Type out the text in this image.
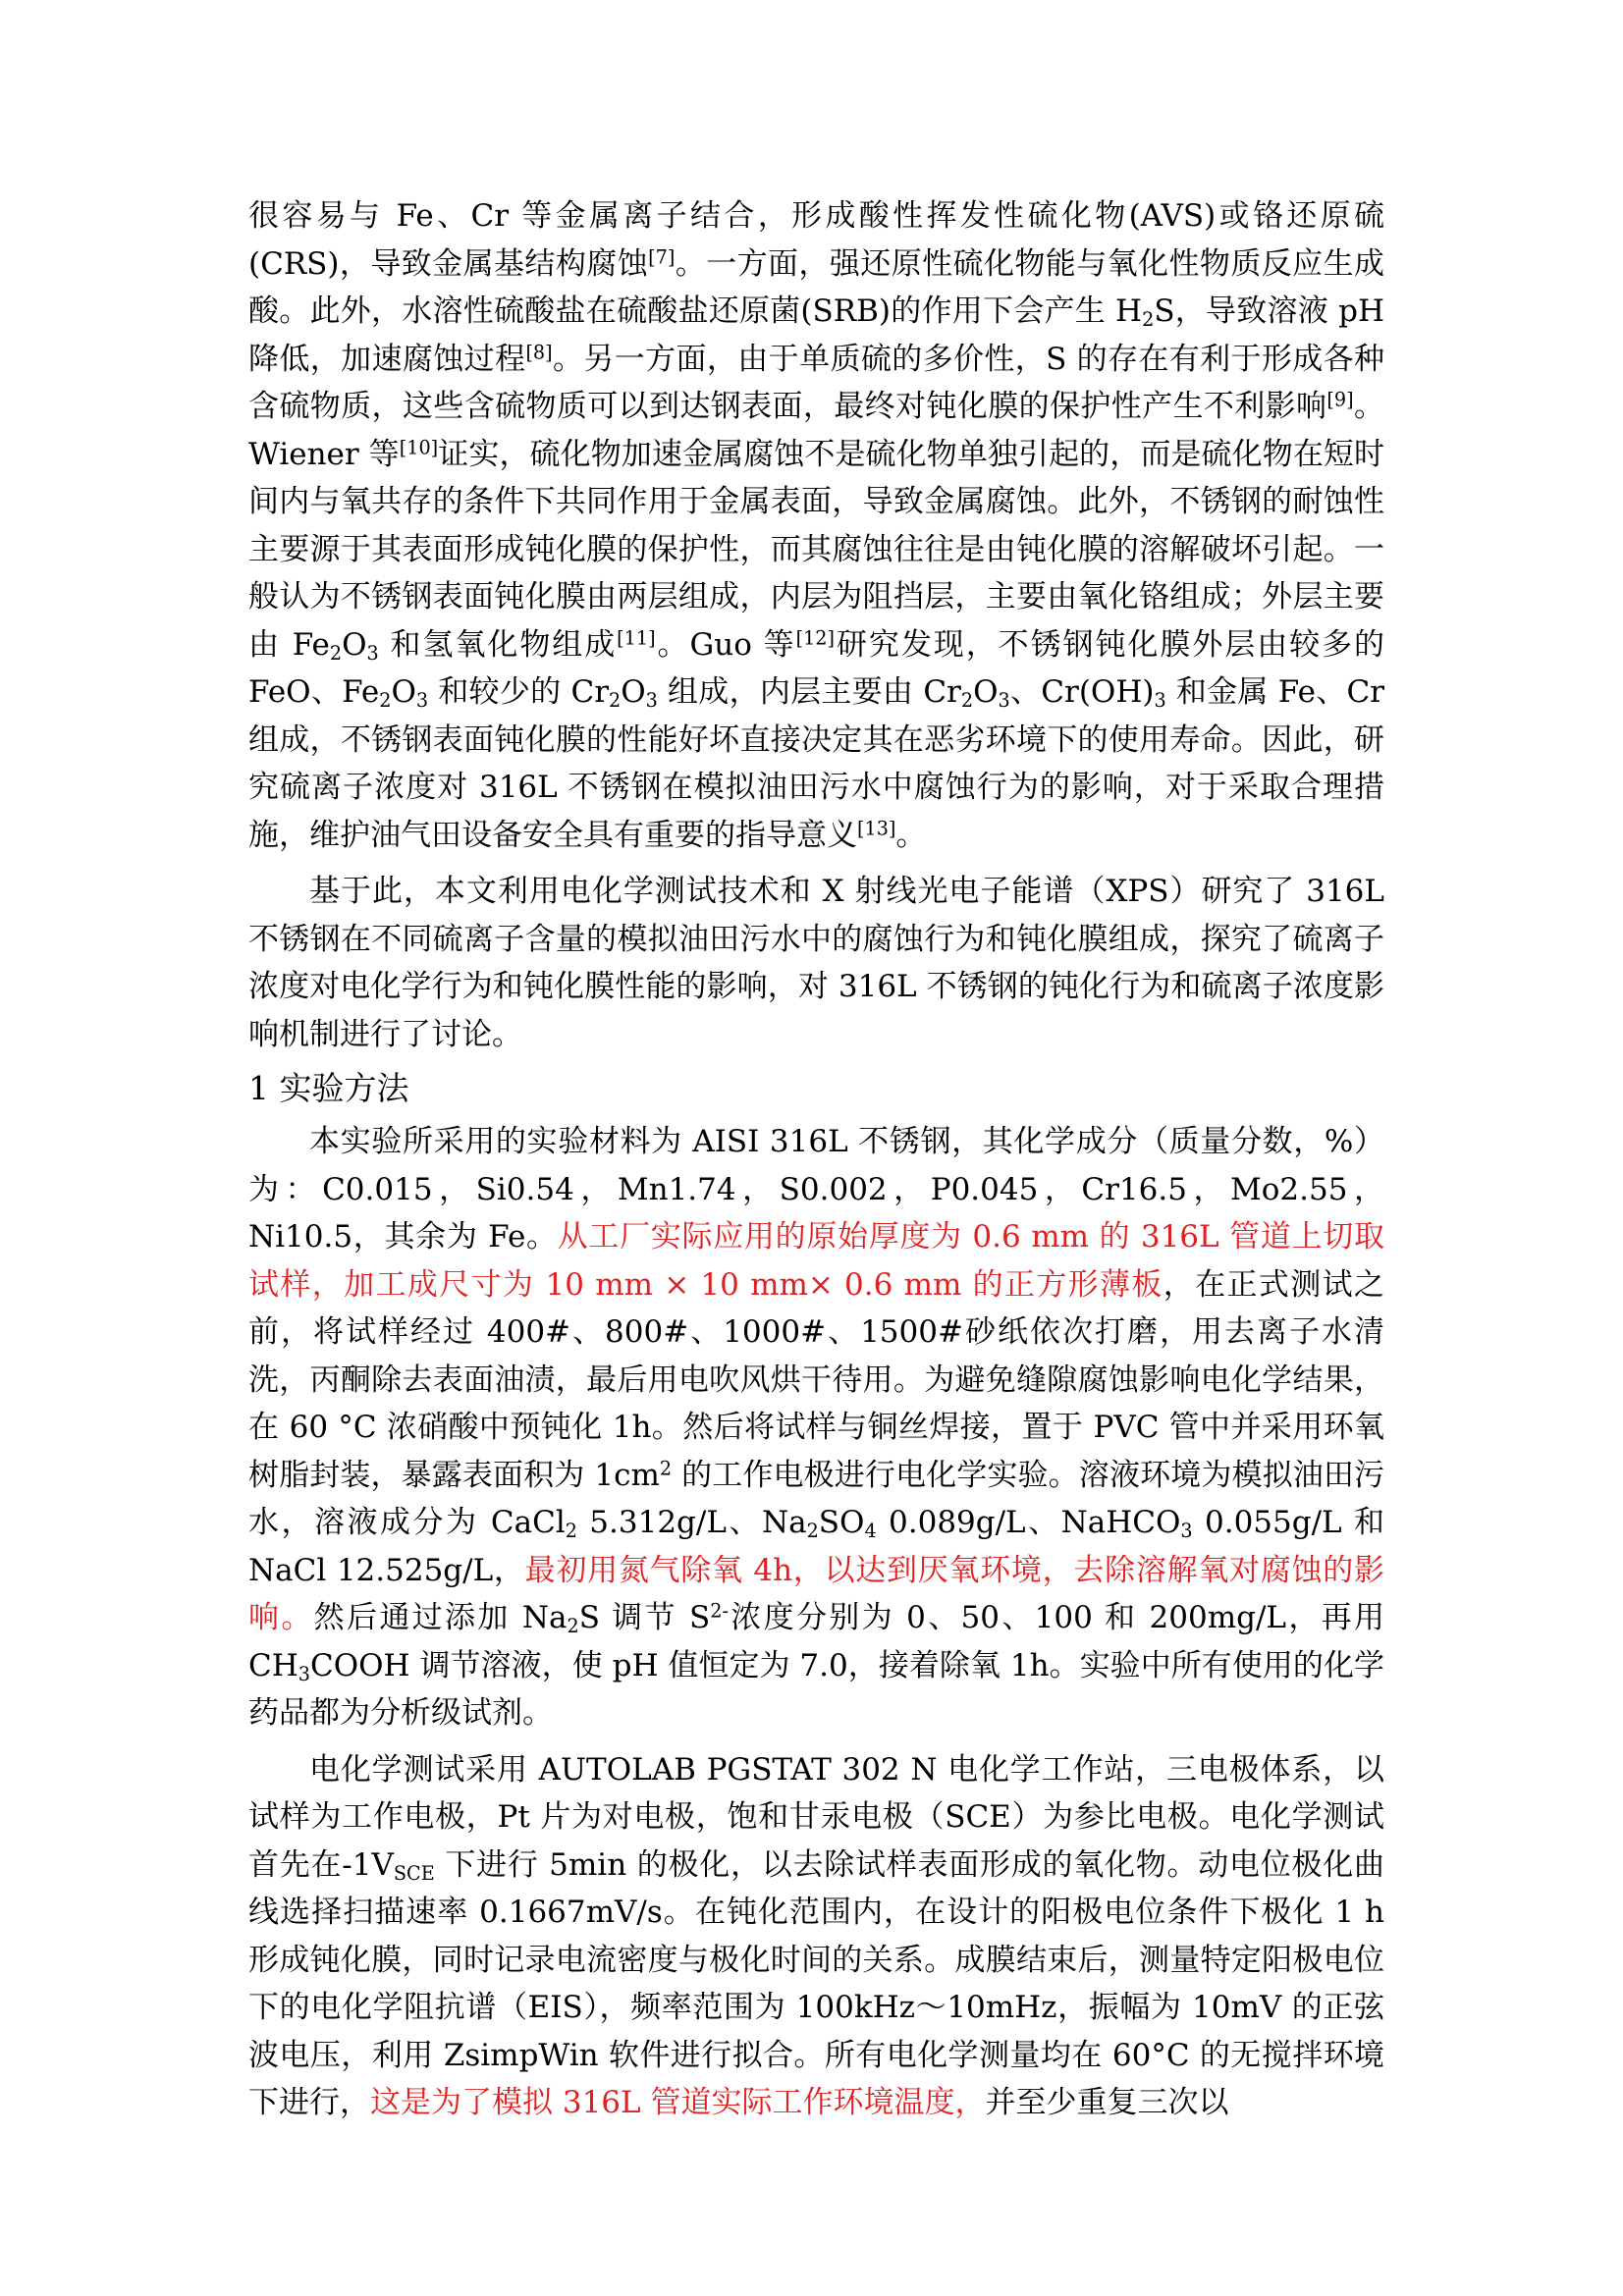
很容易与 Fe、Cr 等金属离子结合，形成酸性挥发性硫化物(AVS)或铬还原硫(CRS)，导致金属基结构腐蚀[7]。一方面，强还原性硫化物能与氧化性物质反应生成酸。此外，水溶性硫酸盐在硫酸盐还原菌(SRB)的作用下会产生 $H_2S$，导致溶液 pH 降低，加速腐蚀过程[8]。另一方面，由于单质硫的多价性，S 的存在有利于形成各种含硫物质，这些含硫物质可以到达钢表面，最终对钝化膜的保护性产生不利影响[9]。Wiener 等[10]证实，硫化物加速金属腐蚀不是硫化物单独引起的，而是硫化物在短时间内与氧共存的条件下共同作用于金属表面，导致金属腐蚀。此外，不锈钢的耐蚀性主要源于其表面形成钝化膜的保护性，而其腐蚀往往是由钝化膜的溶解破坏引起。一般认为不锈钢表面钝化膜由两层组成，内层为阻挡层，主要由氧化铬组成；外层主要由 $Fe_2O_3$ 和氢氧化物组成[11]。Guo 等[12]研究发现，不锈钢钝化膜外层由较多的 FeO、$Fe_2O_3$ 和较少的 $Cr_2O_3$ 组成，内层主要由 $Cr_2O_3$、$Cr(OH)_3$ 和金属 Fe、Cr 组成，不锈钢表面钝化膜的性能好坏直接决定其在恶劣环境下的使用寿命。因此，研究硫离子浓度对 316L 不锈钢在模拟油田污水中腐蚀行为的影响，对于采取合理措施，维护油气田设备安全具有重要的指导意义[13]。

基于此，本文利用电化学测试技术和 X 射线光电子能谱（XPS）研究了 316L 不锈钢在不同硫离子含量的模拟油田污水中的腐蚀行为和钝化膜组成，探究了硫离子浓度对电化学行为和钝化膜性能的影响，对 316L 不锈钢的钝化行为和硫离子浓度影响机制进行了讨论。

1 实验方法

本实验所采用的实验材料为 AISI 316L 不锈钢，其化学成分（质量分数，%）为：C0.015，Si0.54，Mn1.74，S0.002，P0.045，Cr16.5，Mo2.55，Ni10.5，其余为 Fe。从工厂实际应用的原始厚度为 0.6 mm 的 316L 管道上切取试样，加工成尺寸为 10 mm × 10 mm× 0.6 mm 的正方形薄板，在正式测试之前，将试样经过 400#、800#、1000#、1500#砂纸依次打磨，用去离子水清洗，丙酮除去表面油渍，最后用电吹风烘干待用。为避免缝隙腐蚀影响电化学结果，在 60 °C 浓硝酸中预钝化 1h。然后将试样与铜丝焊接，置于 PVC 管中并采用环氧树脂封装，暴露表面积为 $1cm^2$ 的工作电极进行电化学实验。溶液环境为模拟油田污水，溶液成分为 CaCl$_2$ 5.312g/L、$Na_2SO_4$ 0.089g/L、NaHCO$_3$ 0.055g/L 和 NaCl 12.525g/L，最初用氮气除氧 4h，以达到厌氧环境，去除溶解氧对腐蚀的影响。然后通过添加 $Na_2S$ 调节 $S^{2-}$浓度分别为 0、50、100 和 200mg/L，再用 $CH_3COOH$ 调节溶液，使 pH 值恒定为 7.0，接着除氧 1h。实验中所有使用的化学药品都为分析级试剂。

电化学测试采用 AUTOLAB PGSTAT 302 N 电化学工作站，三电极体系，以试样为工作电极，Pt 片为对电极，饱和甘汞电极（SCE）为参比电极。电化学测试首先在$-1V_{SCE}$ 下进行 5min 的极化，以去除试样表面形成的氧化物。动电位极化曲线选择扫描速率 0.1667mV/s。在钝化范围内，在设计的阳极电位条件下极化 1 h 形成钝化膜，同时记录电流密度与极化时间的关系。成膜结束后，测量特定阳极电位下的电化学阻抗谱（EIS），频率范围为 100kHz～10mHz，振幅为 10mV 的正弦波电压，利用 ZsimpWin 软件进行拟合。所有电化学测量均在 60°C 的无搅拌环境下进行，这是为了模拟 316L 管道实际工作环境温度，并至少重复三次以
